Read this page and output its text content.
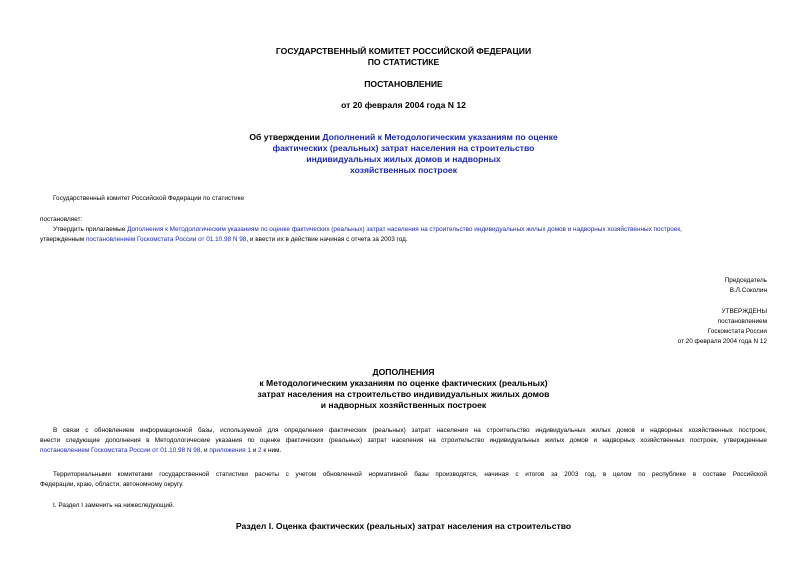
ГОСУДАРСТВЕННЫЙ КОМИТЕТ РОССИЙСКОЙ ФЕДЕРАЦИИ
ПО СТАТИСТИКЕ
ПОСТАНОВЛЕНИЕ
от 20 февраля 2004 года N 12
Об утверждении Дополнений к Методологическим указаниям по оценке
фактических (реальных) затрат населения на строительство
индивидуальных жилых домов и надворных
хозяйственных построек
Государственный комитет Российской Федерации по статистике
постановляет:
Утвердить прилагаемые Дополнения к Методологическим указаниям по оценке фактических (реальных) затрат населения на строительство индивидуальных жилых домов и надворных хозяйственных построек,
утвержденным постановлением Госкомстата России от 01.10.98 N 98, и ввести их в действие начиная с отчета за 2003 год.
Председатель
В.Л.Соколин
УТВЕРЖДЕНЫ
постановлением
Госкомстата России
от 20 февраля 2004 года N 12
ДОПОЛНЕНИЯ
к Методологическим указаниям по оценке фактических (реальных)
затрат населения на строительство индивидуальных жилых домов
и надворных хозяйственных построек
В связи с обновлением информационной базы, используемой для определения фактических (реальных) затрат населения на строительство индивидуальных жилых домов и надворных хозяйственных построек,
внести следующие дополнения в Методологические указания по оценке фактических (реальных) затрат населения на строительство индивидуальных жилых домов и надворных хозяйственных построек, утвержденные
постановлением Госкомстата России от 01.10.98 N 98, и приложения 1 и 2 к ним.
Территориальными комитетами государственной статистики расчеты с учетом обновленной нормативной базы производятся, начиная с итогов за 2003 год, в целом по республике в составе Российской
Федерации, краю, области, автономному округу.
I. Раздел I заменить на нижеследующий.
Раздел I. Оценка фактических (реальных) затрат населения на строительство
